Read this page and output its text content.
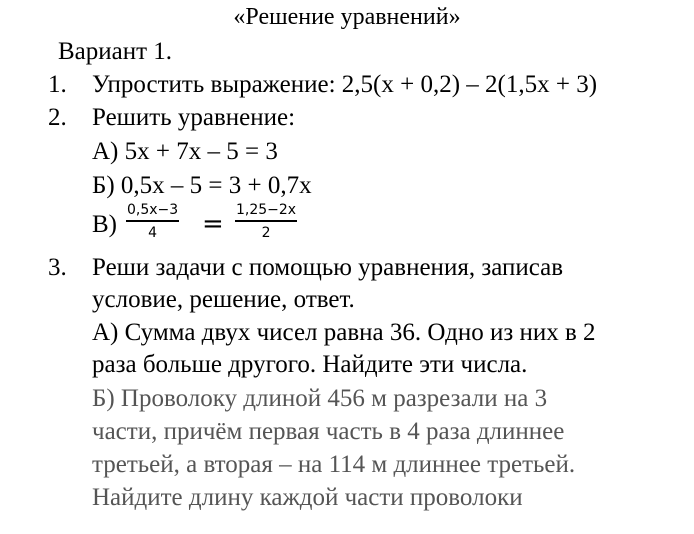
«Решение уравнений»
Вариант 1.
1. Упростить выражение: 2,5(x + 0,2) – 2(1,5x + 3)
2. Решить уравнение:
А) 5x + 7x – 5 = 3
Б) 0,5x – 5 = 3 + 0,7x
В)
0,5x−3
4	= 1,25−2x
2
3. Реши задачи с помощью уравнения, записав
условие, решение, ответ.
А) Сумма двух чисел равна 36. Одно из них в 2
раза больше другого. Найдите эти числа.
Б) Проволоку длиной 456 м разрезали на 3
части, причём первая часть в 4 раза длиннее
третьей, а вторая – на 114 м длиннее третьей.
Найдите длину каждой части проволоки
